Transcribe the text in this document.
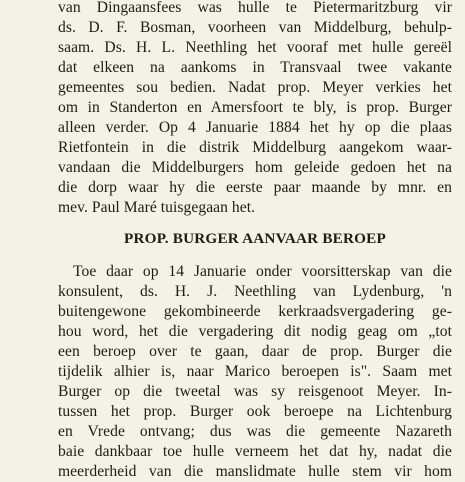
van Dingaansfees was hulle te Pietermaritzburg vir
ds. D. F. Bosman, voorheen van Middelburg, behulp-
saam. Ds. H. L. Neethling het vooraf met hulle gereël
dat elkeen na aankoms in Transvaal twee vakante
gemeentes sou bedien. Nadat prop. Meyer verkies het
om in Standerton en Amersfoort te bly, is prop. Burger
alleen verder. Op 4 Januarie 1884 het hy op die plaas
Rietfontein in die distrik Middelburg aangekom waar-
vandaan die Middelburgers hom geleide gedoen het na
die dorp waar hy die eerste paar maande by mnr. en
mev. Paul Maré tuisgegaan het.
PROP. BURGER AANVAAR BEROEP
Toe daar op 14 Januarie onder voorsitterskap van die
konsulent, ds. H. J. Neethling van Lydenburg, 'n
buitengewone gekombineerde kerkraadsvergadering ge-
hou word, het die vergadering dit nodig geag om „tot
een beroep over te gaan, daar de prop. Burger die
tijdelik alhier is, naar Marico beroepen is". Saam met
Burger op die tweetal was sy reisgenoot Meyer. In-
tussen het prop. Burger ook beroepe na Lichtenburg
en Vrede ontvang; dus was die gemeente Nazareth
baie dankbaar toe hulle verneem het dat hy, nadat die
meerderheid van die manslidmate hulle stem vir hom
